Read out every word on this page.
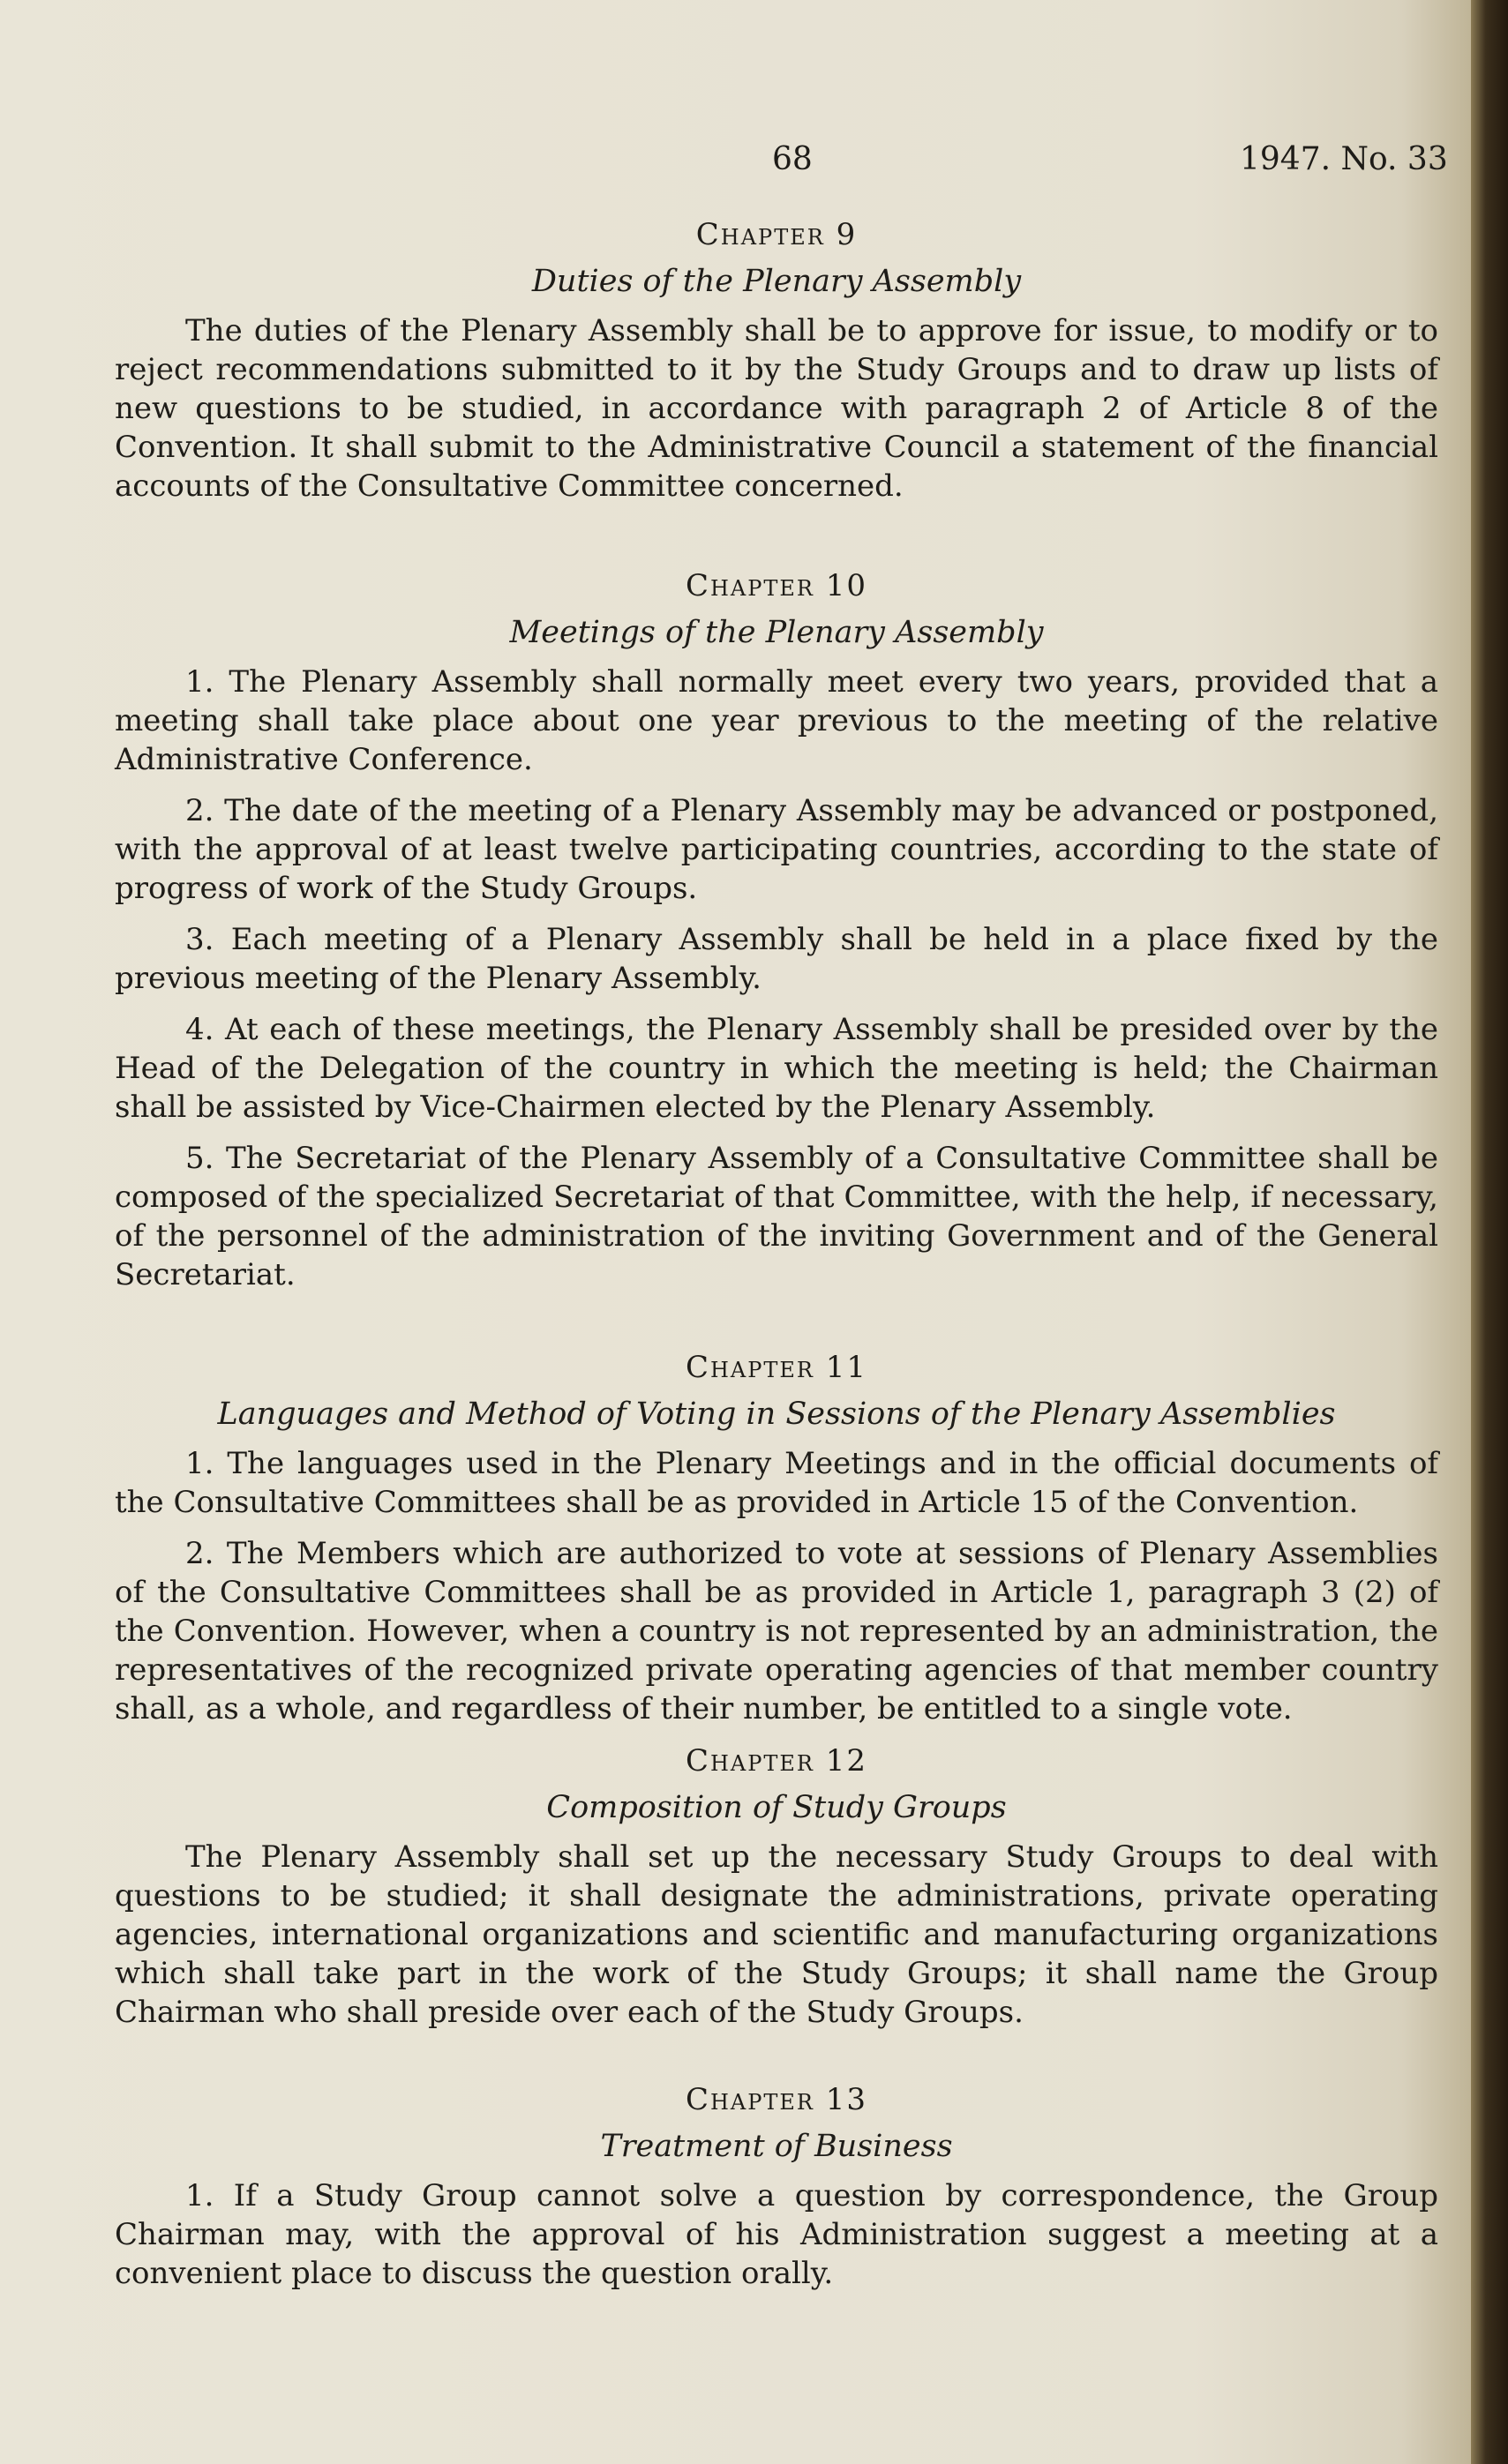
68	1947. No. 33
Chapter 9
Duties of the Plenary Assembly

The duties of the Plenary Assembly shall be to approve for issue, to modify or to reject recommendations submitted to it by the Study Groups and to draw up lists of new questions to be studied, in accordance with paragraph 2 of Article 8 of the Convention. It shall submit to the Administrative Council a statement of the financial accounts of the Consultative Committee concerned.

Chapter 10
Meetings of the Plenary Assembly

1. The Plenary Assembly shall normally meet every two years, provided that a meeting shall take place about one year previous to the meeting of the relative Administrative Conference.

2. The date of the meeting of a Plenary Assembly may be advanced or postponed, with the approval of at least twelve participating countries, according to the state of progress of work of the Study Groups.

3. Each meeting of a Plenary Assembly shall be held in a place fixed by the previous meeting of the Plenary Assembly.

4. At each of these meetings, the Plenary Assembly shall be presided over by the Head of the Delegation of the country in which the meeting is held; the Chairman shall be assisted by Vice-Chairmen elected by the Plenary Assembly.

5. The Secretariat of the Plenary Assembly of a Consultative Committee shall be composed of the specialized Secretariat of that Committee, with the help, if necessary, of the personnel of the administration of the inviting Government and of the General Secretariat.

Chapter 11
Languages and Method of Voting in Sessions of the Plenary Assemblies

1. The languages used in the Plenary Meetings and in the official documents of the Consultative Committees shall be as provided in Article 15 of the Convention.

2. The Members which are authorized to vote at sessions of Plenary Assemblies of the Consultative Committees shall be as provided in Article 1, paragraph 3 (2) of the Convention. However, when a country is not represented by an administration, the representatives of the recognized private operating agencies of that member country shall, as a whole, and regardless of their number, be entitled to a single vote.

Chapter 12
Composition of Study Groups

The Plenary Assembly shall set up the necessary Study Groups to deal with questions to be studied; it shall designate the administrations, private operating agencies, international organizations and scientific and manufacturing organizations which shall take part in the work of the Study Groups; it shall name the Group Chairman who shall preside over each of the Study Groups.

Chapter 13
Treatment of Business

1. If a Study Group cannot solve a question by correspondence, the Group Chairman may, with the approval of his Administration suggest a meeting at a convenient place to discuss the question orally.
